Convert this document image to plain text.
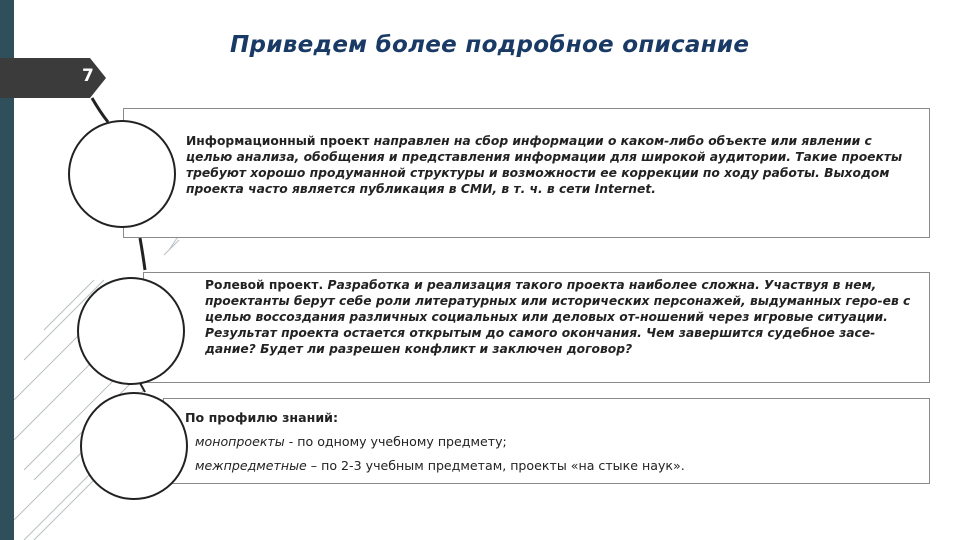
7
Приведем более подробное описание
Информационный проект направлен на сбор информации о каком-либо объекте или явлении с целью анализа, обобщения и представления информации для широкой аудитории. Такие проекты требуют хорошо продуманной структуры и возможности ее коррекции по ходу работы. Выходом проекта часто является публикация в СМИ, в т. ч. в сети Internet.
Ролевой проект. Разработка и реализация такого проекта наиболее сложна. Участвуя в нем, проектанты берут себе роли литературных или исторических персонажей, выдуманных геро-ев с целью воссоздания различных социальных или деловых от-ношений через игровые ситуации. Результат проекта остается открытым до самого окончания. Чем завершится судебное засе-дание? Будет ли разрешен конфликт и заключен договор?
По профилю знаний:
монопроекты - по одному учебному предмету;
межпредметные – по 2-3 учебным предметам, проекты «на стыке наук».
